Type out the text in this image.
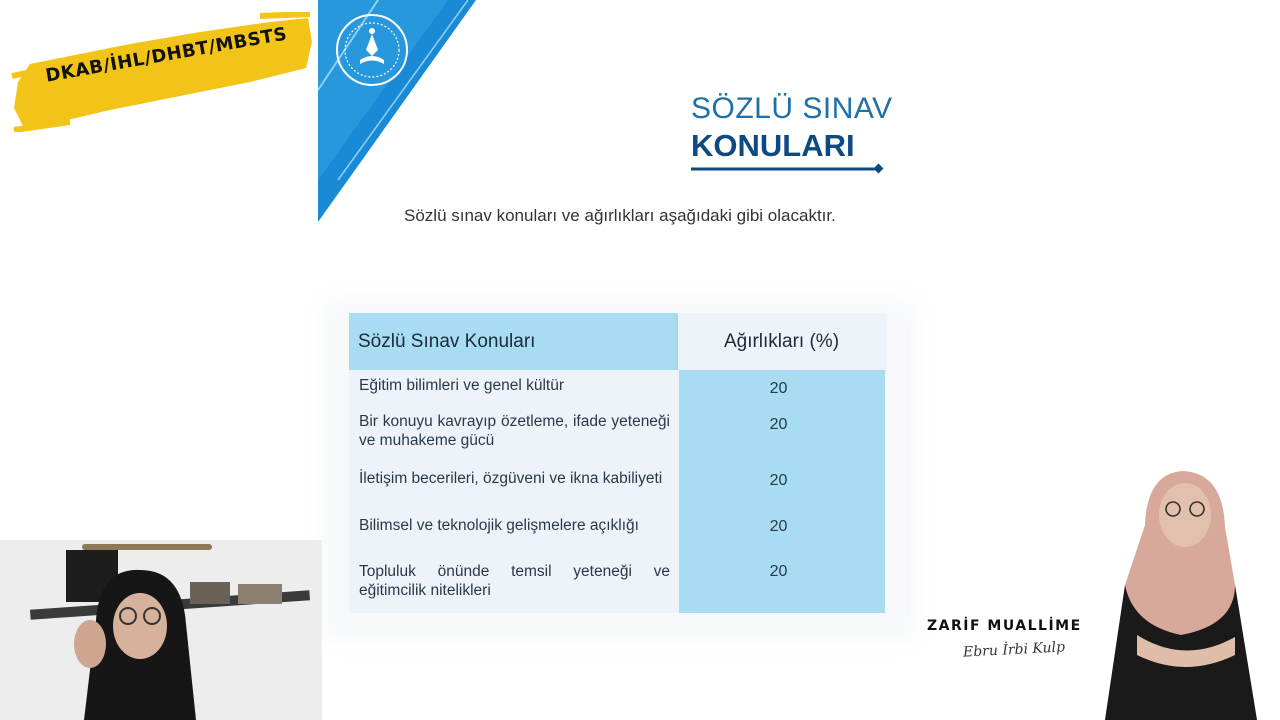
DKAB/İHL/DHBT/MBSTS
SÖZLÜ SINAV
KONULARI
Sözlü sınav konuları ve ağırlıkları aşağıdaki gibi olacaktır.
Sözlü Sınav Konuları	Ağırlıkları (%)
Eğitim bilimleri ve genel kültür
Bir konuyu kavrayıp özetleme, ifade yeteneği ve muhakeme gücü
İletişim becerileri, özgüveni ve ikna kabiliyeti
Bilimsel ve teknolojik gelişmelere açıklığı
Topluluk önünde temsil yeteneği ve eğitimcilik nitelikleri
20
20
20
20
20
ZARİF MUALLİME
Ebru İrbi Kulp
